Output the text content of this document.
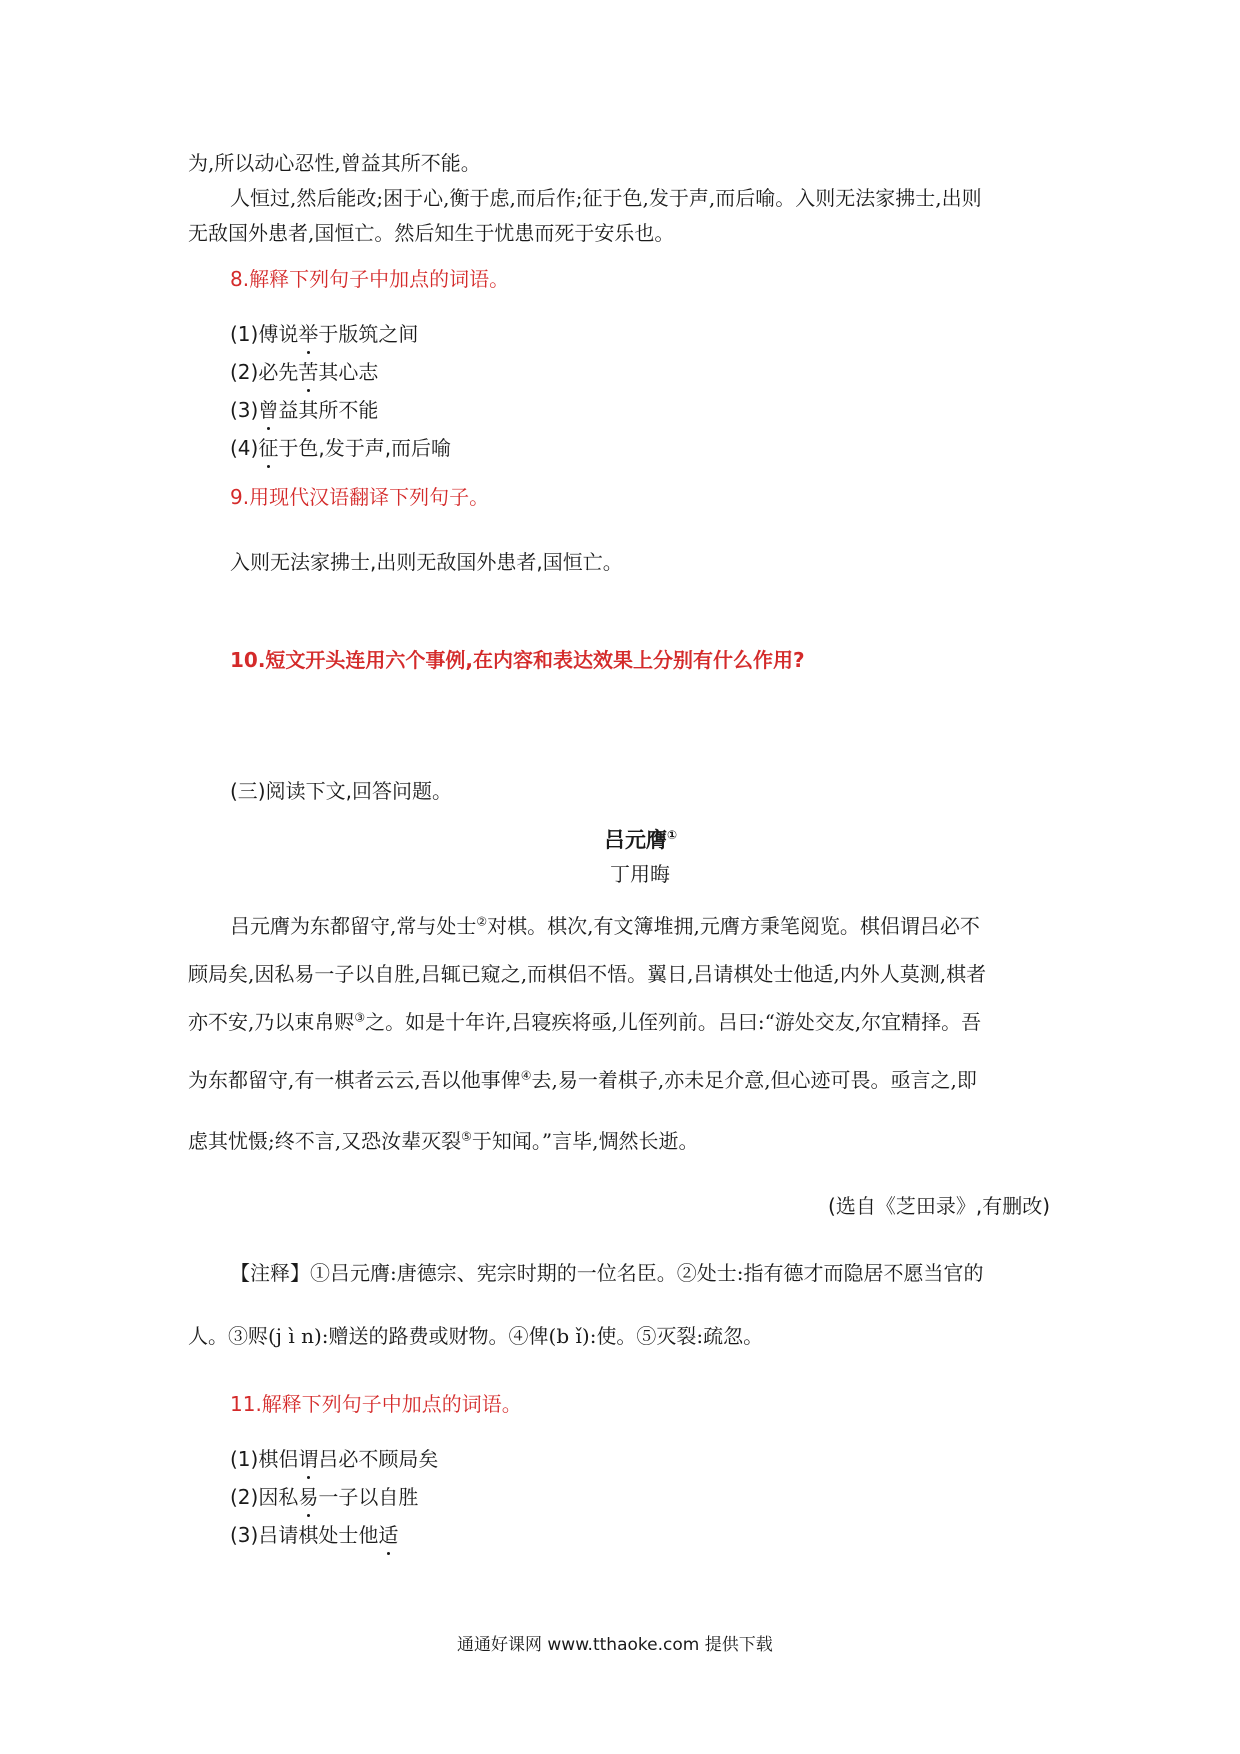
为,所以动心忍性,曾益其所不能。
人恒过,然后能改;困于心,衡于虑,而后作;征于色,发于声,而后喻。入则无法家拂士,出则
无敌国外患者,国恒亡。然后知生于忧患而死于安乐也。
8.解释下列句子中加点的词语。
(1)傅说举于版筑之间
(2)必先苦其心志
(3)曾益其所不能
(4)征于色,发于声,而后喻
9.用现代汉语翻译下列句子。
入则无法家拂士,出则无敌国外患者,国恒亡。
10.短文开头连用六个事例,在内容和表达效果上分别有什么作用?
(三)阅读下文,回答问题。
吕元膺①
丁用晦
吕元膺为东都留守,常与处士②对棋。棋次,有文簿堆拥,元膺方秉笔阅览。棋侣谓吕必不
顾局矣,因私易一子以自胜,吕辄已窥之,而棋侣不悟。翼日,吕请棋处士他适,内外人莫测,棋者
亦不安,乃以束帛赆③之。如是十年许,吕寝疾将亟,儿侄列前。吕曰:“游处交友,尔宜精择。吾
为东都留守,有一棋者云云,吾以他事俾④去,易一着棋子,亦未足介意,但心迹可畏。亟言之,即
虑其忧慑;终不言,又恐汝辈灭裂⑤于知闻。”言毕,惆然长逝。
(选自《芝田录》,有删改)
【注释】①吕元膺:唐德宗、宪宗时期的一位名臣。②处士:指有德才而隐居不愿当官的
人。③赆(j ì n):赠送的路费或财物。④俾(b ǐ):使。⑤灭裂:疏忽。
11.解释下列句子中加点的词语。
(1)棋侣谓吕必不顾局矣
(2)因私易一子以自胜
(3)吕请棋处士他适
通通好课网 www.tthaoke.com 提供下载
